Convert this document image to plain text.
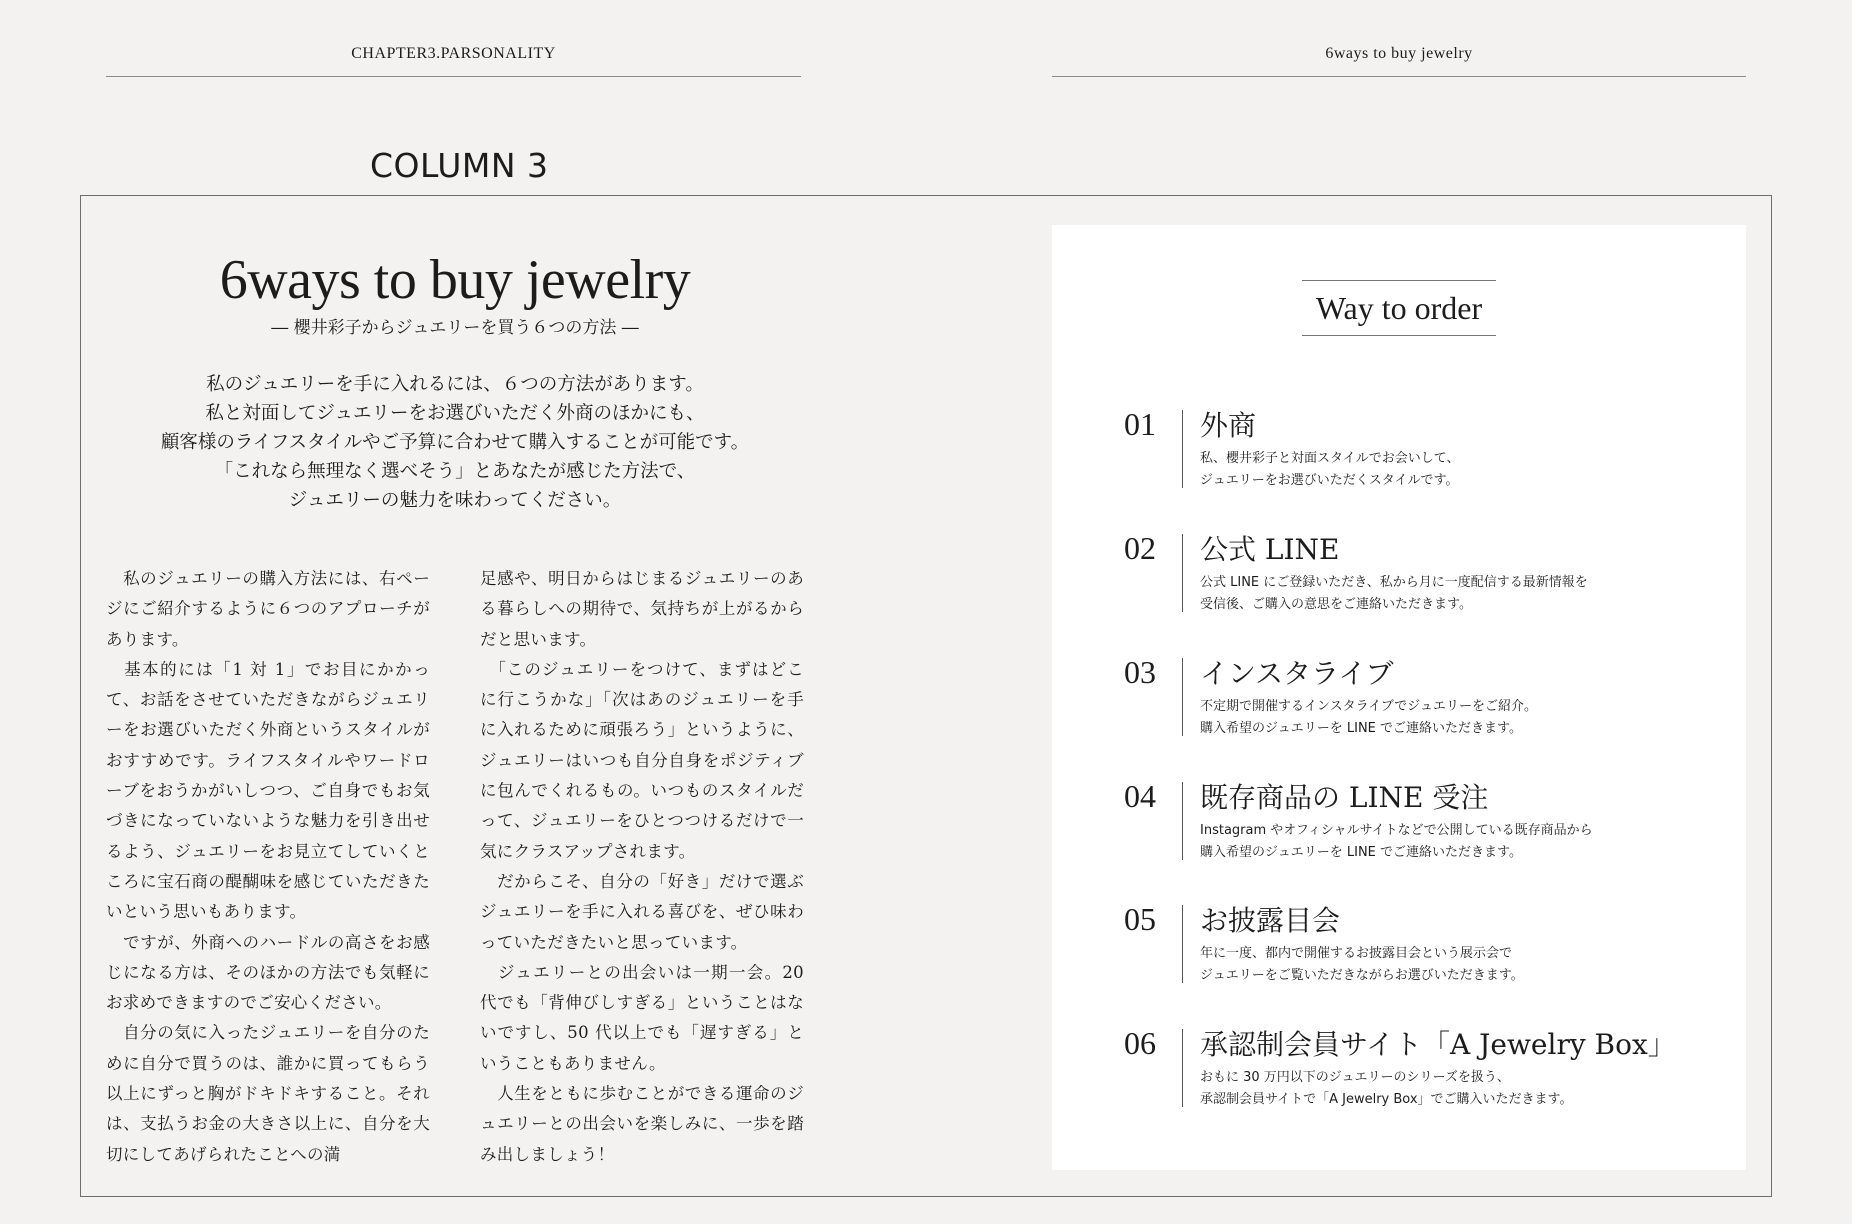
CHAPTER3.PARSONALITY	6ways to buy jewelry
COLUMN 3
6ways to buy jewelry
― 櫻井彩子からジュエリーを買う６つの方法 ―

私のジュエリーを手に入れるには、６つの方法があります。

私と対面してジュエリーをお選びいただく外商のほかにも、

顧客様のライフスタイルやご予算に合わせて購入することが可能です。

「これなら無理なく選べそう」とあなたが感じた方法で、

ジュエリーの魅力を味わってください。

　私のジュエリーの購入方法には、右ページにご紹介するように６つのアプローチがあります。

　基本的には「1 対 1」でお目にかかって、お話をさせていただきながらジュエリーをお選びいただく外商というスタイルがおすすめです。ライフスタイルやワードローブをおうかがいしつつ、ご自身でもお気づきになっていないような魅力を引き出せるよう、ジュエリーをお見立てしていくところに宝石商の醍醐味を感じていただきたいという思いもあります。

　ですが、外商へのハードルの高さをお感じになる方は、そのほかの方法でも気軽にお求めできますのでご安心ください。

　自分の気に入ったジュエリーを自分のために自分で買うのは、誰かに買ってもらう以上にずっと胸がドキドキすること。それは、支払うお金の大きさ以上に、自分を大切にしてあげられたことへの満

足感や、明日からはじまるジュエリーのある暮らしへの期待で、気持ちが上がるからだと思います。

　「このジュエリーをつけて、まずはどこに行こうかな」「次はあのジュエリーを手に入れるために頑張ろう」というように、ジュエリーはいつも自分自身をポジティブに包んでくれるもの。いつものスタイルだって、ジュエリーをひとつつけるだけで一気にクラスアップされます。

　だからこそ、自分の「好き」だけで選ぶジュエリーを手に入れる喜びを、ぜひ味わっていただきたいと思っています。

　ジュエリーとの出会いは一期一会。20 代でも「背伸びしすぎる」ということはないですし、50 代以上でも「遅すぎる」ということもありません。

　人生をともに歩むことができる運命のジュエリーとの出会いを楽しみに、一歩を踏み出しましょう！

Way to order
01 外商
私、櫻井彩子と対面スタイルでお会いして、
ジュエリーをお選びいただくスタイルです。
02 公式 LINE
公式 LINE にご登録いただき、私から月に一度配信する最新情報を
受信後、ご購入の意思をご連絡いただきます。
03 インスタライブ
不定期で開催するインスタライブでジュエリーをご紹介。
購入希望のジュエリーを LINE でご連絡いただきます。
04 既存商品の LINE 受注
Instagram やオフィシャルサイトなどで公開している既存商品から
購入希望のジュエリーを LINE でご連絡いただきます。
05 お披露目会
年に一度、都内で開催するお披露目会という展示会で
ジュエリーをご覧いただきながらお選びいただきます。
06 承認制会員サイト「A Jewelry Box」
おもに 30 万円以下のジュエリーのシリーズを扱う、
承認制会員サイトで「A Jewelry Box」でご購入いただきます。
